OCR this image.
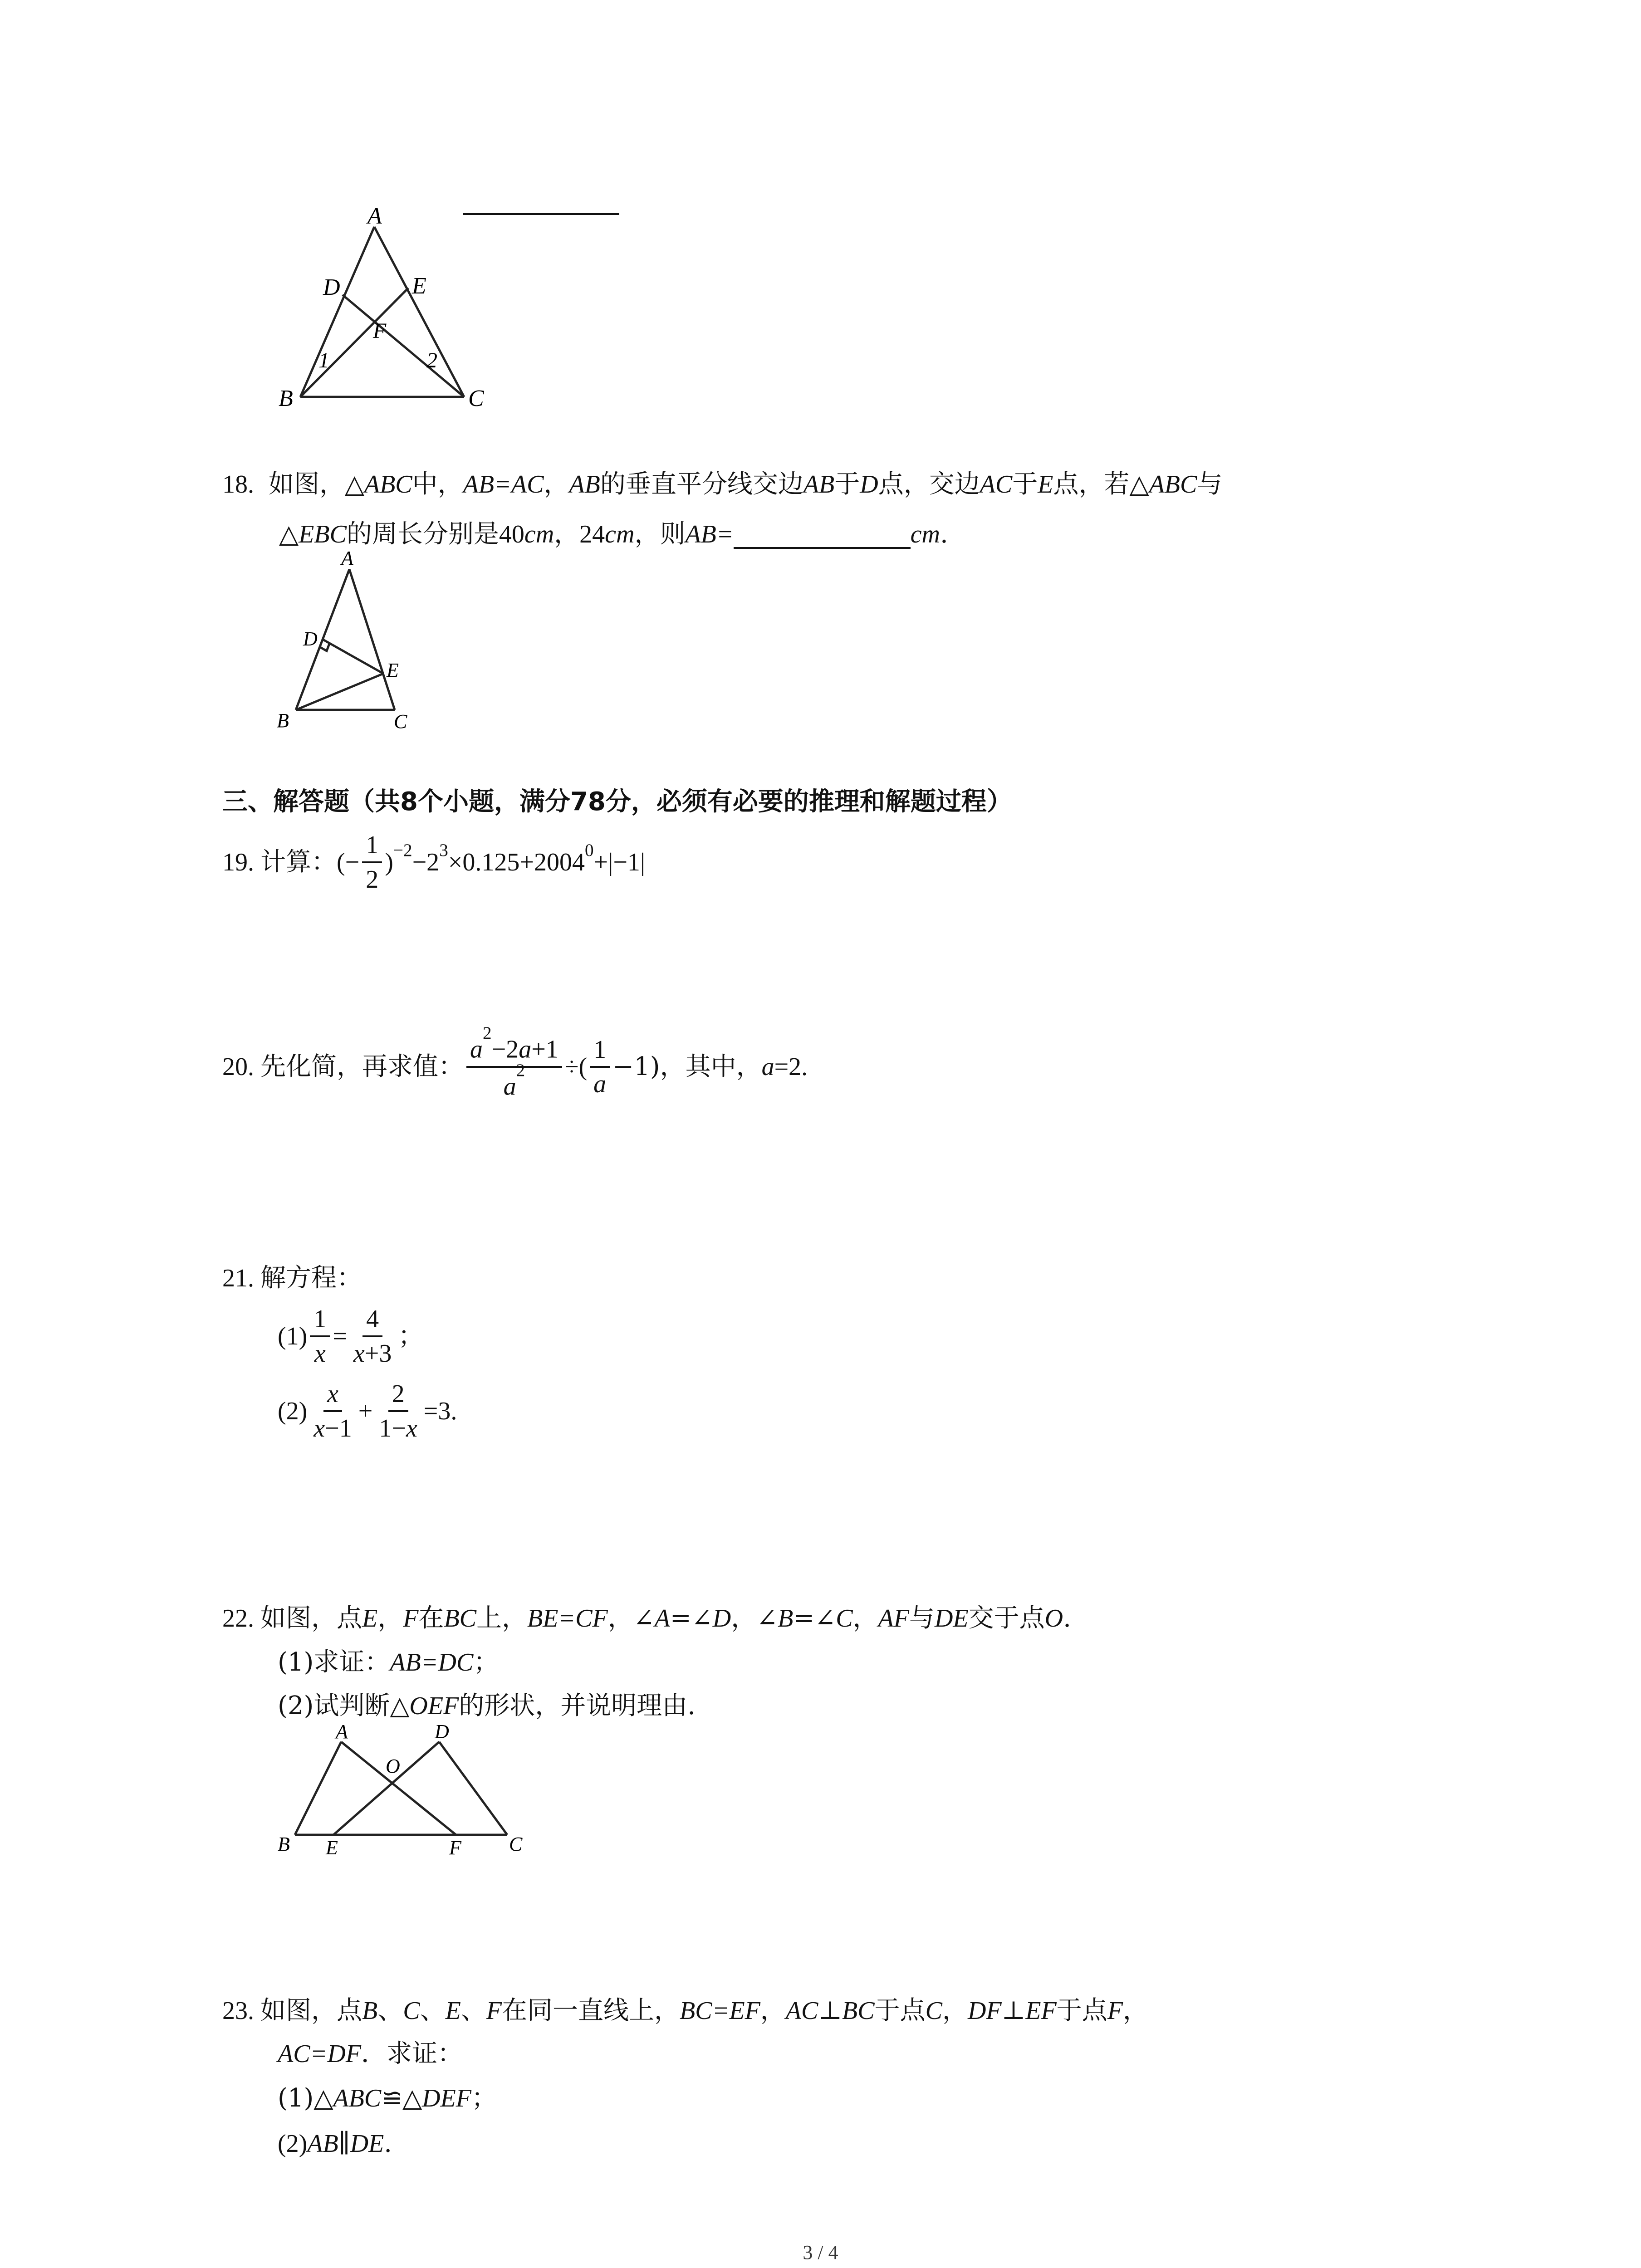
A
D	E
F
1	2
B	C
18. 如图，△ABC中，AB=AC，AB的垂直平分线交边AB于D点，交边AC于E点，若△ABC与
△EBC的周长分别是40cm，24cm，则AB=	cm.
A
D
E
B	C
三、解答题（共8个小题，满分78分，必须有必要的推理和解题过程）
19. 计算： (− $\frac{1}{2} )^{-2} -2^3 \times 0.125+2004^0 +|-1|$
20. 先化简，再求值： $\frac{a^2-2a+1}{a^2}$ ÷( $\frac{1}{a} -1$)，其中， a =2.
21. 解方程：
$(1) \frac{1}{x} = \frac{4}{x+3}$ ；
$(2) \frac{x}{x-1} + \frac{2}{1-x} =3$.
22. 如图，点E，F在BC上，BE=CF，∠A=∠D，∠B=∠C，AF与DE交于点O.
(1)求证：AB=DC；
(2)试判断△OEF的形状，并说明理由.
A	D
O
B E	F C
23. 如图，点B、C、E、F在同一直线上，BC=EF，AC⊥BC于点C，DF⊥EF于点F，
AC=DF．求证：
(1)△ABC≌△DEF；
(2)AB∥DE.
3 / 4
